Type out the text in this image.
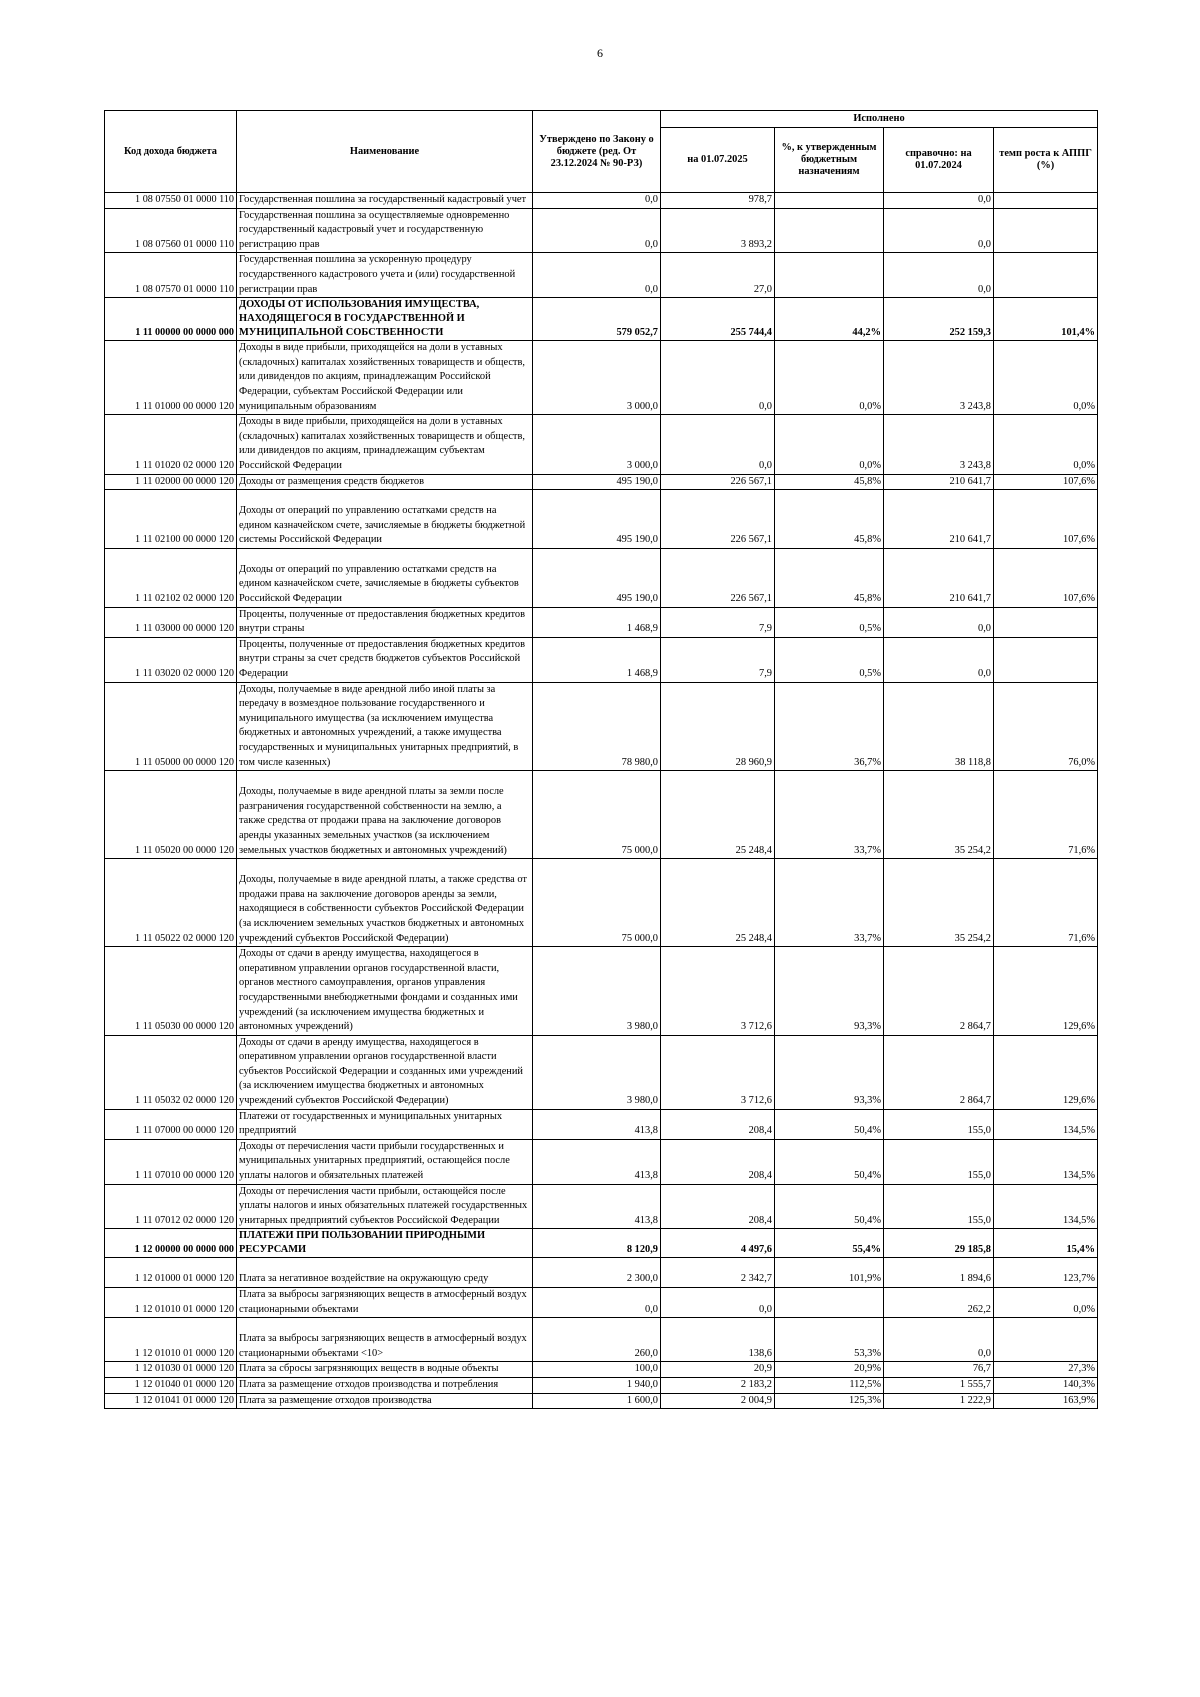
6
Код дохода бюджета	Наименование	Утверждено по Закону о бюджете (ред. От 23.12.2024 № 90-РЗ)	Исполнено			
			на 01.07.2025	%, к утвержденным бюджетным назначениям	справочно: на 01.07.2024	темп роста к АППГ (%)
1 08 07550 01 0000 110	Государственная пошлина за государственный кадастровый учет	0,0	978,7		0,0	
1 08 07560 01 0000 110	Государственная пошлина за осуществляемые одновременно государственный кадастровый учет и государственную регистрацию прав	0,0	3 893,2		0,0	
1 08 07570 01 0000 110	Государственная пошлина за ускоренную процедуру государственного кадастрового учета и (или) государственной регистрации прав	0,0	27,0		0,0	
1 11 00000 00 0000 000	ДОХОДЫ ОТ ИСПОЛЬЗОВАНИЯ ИМУЩЕСТВА, НАХОДЯЩЕГОСЯ В ГОСУДАРСТВЕННОЙ И МУНИЦИПАЛЬНОЙ СОБСТВЕННОСТИ	579 052,7	255 744,4	44,2%	252 159,3	101,4%
1 11 01000 00 0000 120	Доходы в виде прибыли, приходящейся на доли в уставных (складочных) капиталах хозяйственных товариществ и обществ, или дивидендов по акциям, принадлежащим Российской Федерации, субъектам Российской Федерации или муниципальным образованиям	3 000,0	0,0	0,0%	3 243,8	0,0%
1 11 01020 02 0000 120	Доходы в виде прибыли, приходящейся на доли в уставных (складочных) капиталах хозяйственных товариществ и обществ, или дивидендов по акциям, принадлежащим субъектам Российской Федерации	3 000,0	0,0	0,0%	3 243,8	0,0%
1 11 02000 00 0000 120	Доходы от размещения средств бюджетов	495 190,0	226 567,1	45,8%	210 641,7	107,6%
1 11 02100 00 0000 120	Доходы от операций по управлению остатками средств на едином казначейском счете, зачисляемые в бюджеты бюджетной системы Российской Федерации	495 190,0	226 567,1	45,8%	210 641,7	107,6%
1 11 02102 02 0000 120	Доходы от операций по управлению остатками средств на едином казначейском счете, зачисляемые в бюджеты субъектов Российской Федерации	495 190,0	226 567,1	45,8%	210 641,7	107,6%
1 11 03000 00 0000 120	Проценты, полученные от предоставления бюджетных кредитов внутри страны	1 468,9	7,9	0,5%	0,0	
1 11 03020 02 0000 120	Проценты, полученные от предоставления бюджетных кредитов внутри страны за счет средств бюджетов субъектов Российской Федерации	1 468,9	7,9	0,5%	0,0	
1 11 05000 00 0000 120	Доходы, получаемые в виде арендной либо иной платы за передачу в возмездное пользование государственного и муниципального имущества (за исключением имущества бюджетных и автономных учреждений, а также имущества государственных и муниципальных унитарных предприятий, в том числе казенных)	78 980,0	28 960,9	36,7%	38 118,8	76,0%
1 11 05020 00 0000 120	Доходы, получаемые в виде арендной платы за земли после разграничения государственной собственности на землю, а также средства от продажи права на заключение договоров аренды указанных земельных участков (за исключением земельных участков бюджетных и автономных учреждений)	75 000,0	25 248,4	33,7%	35 254,2	71,6%
1 11 05022 02 0000 120	Доходы, получаемые в виде арендной платы, а также средства от продажи права на заключение договоров аренды за земли, находящиеся в собственности субъектов Российской Федерации (за исключением земельных участков бюджетных и автономных учреждений субъектов Российской Федерации)	75 000,0	25 248,4	33,7%	35 254,2	71,6%
1 11 05030 00 0000 120	Доходы от сдачи в аренду имущества, находящегося в оперативном управлении органов государственной власти, органов местного самоуправления, органов управления государственными внебюджетными фондами и созданных ими учреждений (за исключением имущества бюджетных и автономных учреждений)	3 980,0	3 712,6	93,3%	2 864,7	129,6%
1 11 05032 02 0000 120	Доходы от сдачи в аренду имущества, находящегося в оперативном управлении органов государственной власти субъектов Российской Федерации и созданных ими учреждений (за исключением имущества бюджетных и автономных учреждений субъектов Российской Федерации)	3 980,0	3 712,6	93,3%	2 864,7	129,6%
1 11 07000 00 0000 120	Платежи от государственных и муниципальных унитарных предприятий	413,8	208,4	50,4%	155,0	134,5%
1 11 07010 00 0000 120	Доходы от перечисления части прибыли государственных и муниципальных унитарных предприятий, остающейся после уплаты налогов и обязательных платежей	413,8	208,4	50,4%	155,0	134,5%
1 11 07012 02 0000 120	Доходы от перечисления части прибыли, остающейся после уплаты налогов и иных обязательных платежей государственных унитарных предприятий субъектов Российской Федерации	413,8	208,4	50,4%	155,0	134,5%
1 12 00000 00 0000 000	ПЛАТЕЖИ ПРИ ПОЛЬЗОВАНИИ ПРИРОДНЫМИ РЕСУРСАМИ	8 120,9	4 497,6	55,4%	29 185,8	15,4%
1 12 01000 01 0000 120	Плата за негативное воздействие на окружающую среду	2 300,0	2 342,7	101,9%	1 894,6	123,7%
1 12 01010 01 0000 120	Плата за выбросы загрязняющих веществ в атмосферный воздух стационарными объектами	0,0	0,0		262,2	0,0%
1 12 01010 01 0000 120	Плата за выбросы загрязняющих веществ в атмосферный воздух стационарными объектами <10>	260,0	138,6	53,3%	0,0	
1 12 01030 01 0000 120	Плата за сбросы загрязняющих веществ в водные объекты	100,0	20,9	20,9%	76,7	27,3%
1 12 01040 01 0000 120	Плата за размещение отходов производства и потребления	1 940,0	2 183,2	112,5%	1 555,7	140,3%
1 12 01041 01 0000 120	Плата за размещение отходов производства	1 600,0	2 004,9	125,3%	1 222,9	163,9%
